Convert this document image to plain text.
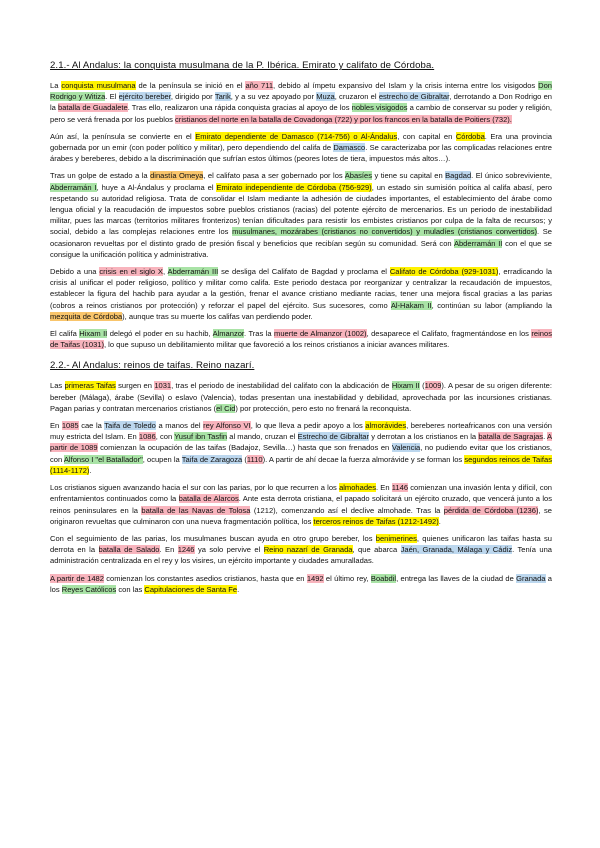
2.1.- Al Andalus: la conquista musulmana de la P. Ibérica. Emirato y califato de Córdoba.

La conquista musulmana de la península se inició en el año 711, debido al ímpetu expansivo del Islam y la crisis interna entre los visigodos Don Rodrigo y Witiza. El ejército bereber, dirigido por Tarik, y a su vez apoyado por Muza, cruzaron el estrecho de Gibraltar, derrotando a Don Rodrigo en la batalla de Guadalete. Tras ello, realizaron una rápida conquista gracias al apoyo de los nobles visigodos a cambio de conservar su poder y religión, pero se verá frenada por los pueblos cristianos del norte en la batalla de Covadonga (722) y por los francos en la batalla de Poitiers (732).

Aún así, la península se convierte en el Emirato dependiente de Damasco (714-756) o Al-Ándalus, con capital en Córdoba. Era una provincia gobernada por un emir (con poder político y militar), pero dependiendo del califa de Damasco. Se caracterizaba por las complicadas relaciones entre árabes y bereberes, debido a la discriminación que sufrían estos últimos (peores lotes de tiera, impuestos más altos…).

Tras un golpe de estado a la dinastía Omeya, el califato pasa a ser gobernado por los Abasíes y tiene su capital en Bagdad. El único sobreviviente, Abderramán I, huye a Al-Ándalus y proclama el Emirato independiente de Córdoba (756-929), un estado sin sumisión poítica al califa abasí, pero respetando su autoridad religiosa. Trata de consolidar el Islam mediante la adhesión de ciudades importantes, el establecimiento del árabe como lengua oficial y la reacudación de impuestos sobre pueblos cristianos (racias) del potente ejército de mercenarios. Es un periodo de inestabilidad militar, pues las marcas (territorios militares fronterizos) tenían dificultades para resistir los embistes cristianos por culpa de la falta de recursos; y social, debido a las complejas relaciones entre los musulmanes, mozárabes (cristianos no convertidos) y muladíes (cristianos convertidos). Se ocasionaron revueltas por el distinto grado de presión fiscal y beneficios que recibían según su comunidad. Será con Abderramán II con el que se consigue la unificación política y administrativa.

Debido a una crisis en el siglo X, Abderramán III se desliga del Califato de Bagdad y proclama el Califato de Córdoba (929-1031), erradicando la crisis al unificar el poder religioso, político y militar como califa. Este periodo destaca por reorganizar y centralizar la recaudación de impuestos, establecer la figura del hachib para ayudar a la gestión, frenar el avance cristiano mediante racias, tener una mejora fiscal gracias a las parias (cobros a reinos cristianos por protección) y reforzar el papel del ejército. Sus sucesores, como Al-Hakam II, continúan su labor (ampliando la mezquita de Córdoba), aunque tras su muerte los califas van perdiendo poder.

El califa Hixam II delegó el poder en su hachib, Almanzor. Tras la muerte de Almanzor (1002), desaparece el Califato, fragmentándose en los reinos de Taifas (1031), lo que supuso un debilitamiento militar que favoreció a los reinos cristianos a iniciar avances militares.

2.2.- Al Andalus: reinos de taifas. Reino nazarí.

Las primeras Taifas surgen en 1031, tras el periodo de inestabilidad del califato con la abdicación de Hixam II (1009). A pesar de su origen diferente: bereber (Málaga), árabe (Sevilla) o eslavo (Valencia), todas presentan una inestabilidad y debilidad, aprovechada por las incursiones cristianas. Pagan parias y contratan mercenarios cristianos (el Cid) por protección, pero esto no frenará la reconquista.

En 1085 cae la Taifa de Toledo a manos del rey Alfonso VI, lo que lleva a pedir apoyo a los almorávides, bereberes norteafricanos con una versión muy estricta del Islam. En 1086, con Yusuf ibn Tasfin al mando, cruzan el Estrecho de Gibraltar y derrotan a los cristianos en la batalla de Sagrajas. A partir de 1089 comienzan la ocupación de las taifas (Badajoz, Sevilla…) hasta que son frenados en Valencia, no pudiendo evitar que los cristianos, con Alfonso I "el Batallador", ocupen la Taifa de Zaragoza (1110). A partir de ahí decae la fuerza almorávide y se forman los segundos reinos de Taifas (1114-1172).

Los cristianos siguen avanzando hacia el sur con las parias, por lo que recurren a los almohades. En 1146 comienzan una invasión lenta y difícil, con enfrentamientos continuados como la batalla de Alarcos. Ante esta derrota cristiana, el papado solicitará un ejército cruzado, que vencerá junto a los reinos peninsulares en la batalla de las Navas de Tolosa (1212), comenzando así el declive almohade. Tras la pérdida de Córdoba (1236), se originaron revueltas que culminaron con una nueva fragmentación política, los terceros reinos de Taifas (1212-1492).

Con el seguimiento de las parias, los musulmanes buscan ayuda en otro grupo bereber, los benimerines, quienes unificaron las taifas hasta su derrota en la batalla de Salado. En 1246 ya solo pervive el Reino nazarí de Granada, que abarca Jaén, Granada, Málaga y Cádiz. Tenía una administración centralizada en el rey y los visires, un ejército importante y ciudades amuralladas.

A partir de 1482 comienzan los constantes asedios cristianos, hasta que en 1492 el último rey, Boabdil, entrega las llaves de la ciudad de Granada a los Reyes Católicos con las Capitulaciones de Santa Fe.
